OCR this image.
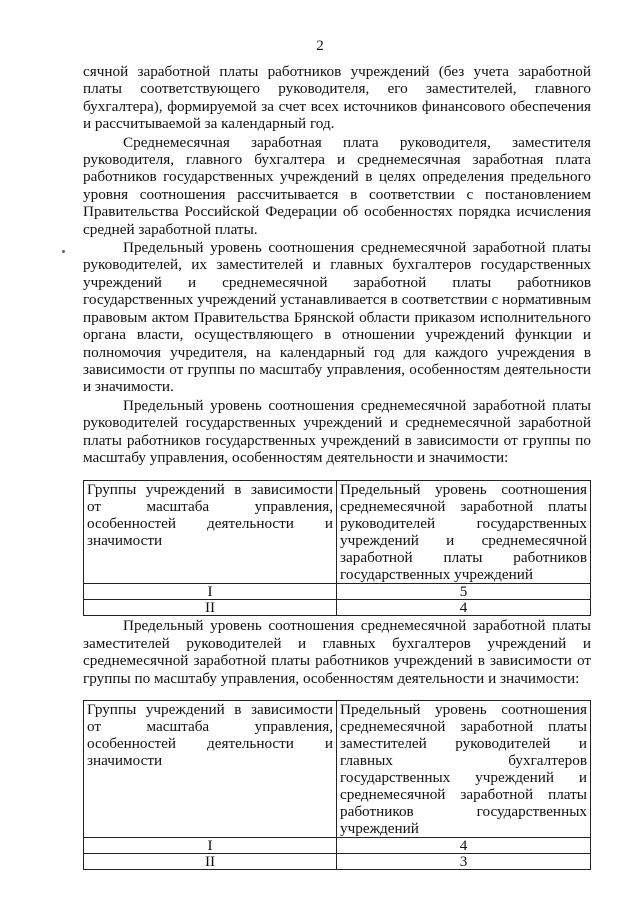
2

сячной заработной платы работников учреждений (без учета заработной платы соответствующего руководителя, его заместителей, главного бухгалтера), формируемой за счет всех источников финансового обеспечения и рассчитываемой за календарный год.

Среднемесячная заработная плата руководителя, заместителя руководителя, главного бухгалтера и среднемесячная заработная плата работников государственных учреждений в целях определения предельного уровня соотношения рассчитывается в соответствии с постановлением Правительства Российской Федерации об особенностях порядка исчисления средней заработной платы.

Предельный уровень соотношения среднемесячной заработной платы руководителей, их заместителей и главных бухгалтеров государственных учреждений и среднемесячной заработной платы работников государственных учреждений устанавливается в соответствии с нормативным правовым актом Правительства Брянской области приказом исполнительного органа власти, осуществляющего в отношении учреждений функции и полномочия учредителя, на календарный год для каждого учреждения в зависимости от группы по масштабу управления, особенностям деятельности и значимости.

Предельный уровень соотношения среднемесячной заработной платы руководителей государственных учреждений и среднемесячной заработной платы работников государственных учреждений в зависимости от группы по масштабу управления, особенностям деятельности и значимости:

Группы учреждений в зависимости от масштаба управления, особенностей деятельности и значимости	Предельный уровень соотношения среднемесячной заработной платы руководителей государственных учреждений и среднемесячной заработной платы работников государственных учреждений
I	5
II	4

Предельный уровень соотношения среднемесячной заработной платы заместителей руководителей и главных бухгалтеров учреждений и среднемесячной заработной платы работников учреждений в зависимости от группы по масштабу управления, особенностям деятельности и значимости:

Группы учреждений в зависимости от масштаба управления, особенностей деятельности и значимости	Предельный уровень соотношения среднемесячной заработной платы заместителей руководителей и главных бухгалтеров государственных учреждений и среднемесячной заработной платы работников государственных учреждений
I	4
II	3
